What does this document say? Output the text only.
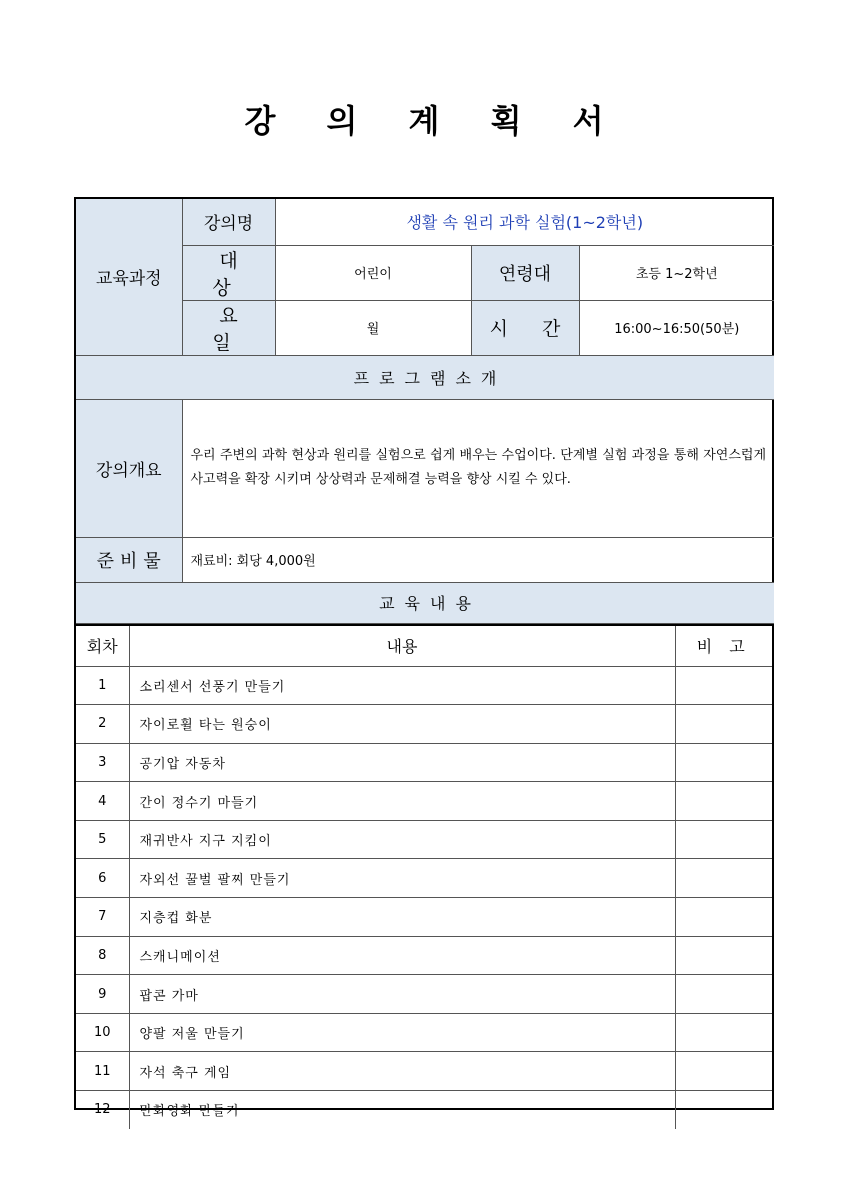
강 의 계 획 서
교육과정	강의명	생활 속 원리 과학 실험(1~2학년)		
	대 상	어린이	연령대	초등 1~2학년
	요 일	월	시 간	16:00~16:50(50분)
프로그램소개				
강의개요	우리 주변의 과학 현상과 원리를 실험으로 쉽게 배우는 수업이다. 단계별 실험 과정을 통해 자연스럽게 사고력을 확장 시키며 상상력과 문제해결 능력을 향상 시킬 수 있다.			
준비물	재료비: 회당 4,000원			
교육내용				
회차	내용	비 고
1	소리센서 선풍기 만들기	
2	자이로휠 타는 원숭이	
3	공기압 자동차	
4	간이 정수기 마들기	
5	재귀반사 지구 지킴이	
6	자외선 꿀벌 팔찌 만들기	
7	지층컵 화분	
8	스캐니메이션	
9	팝콘 가마	
10	양팔 저울 만들기	
11	자석 축구 게임	
12	만화영화 만들기	
